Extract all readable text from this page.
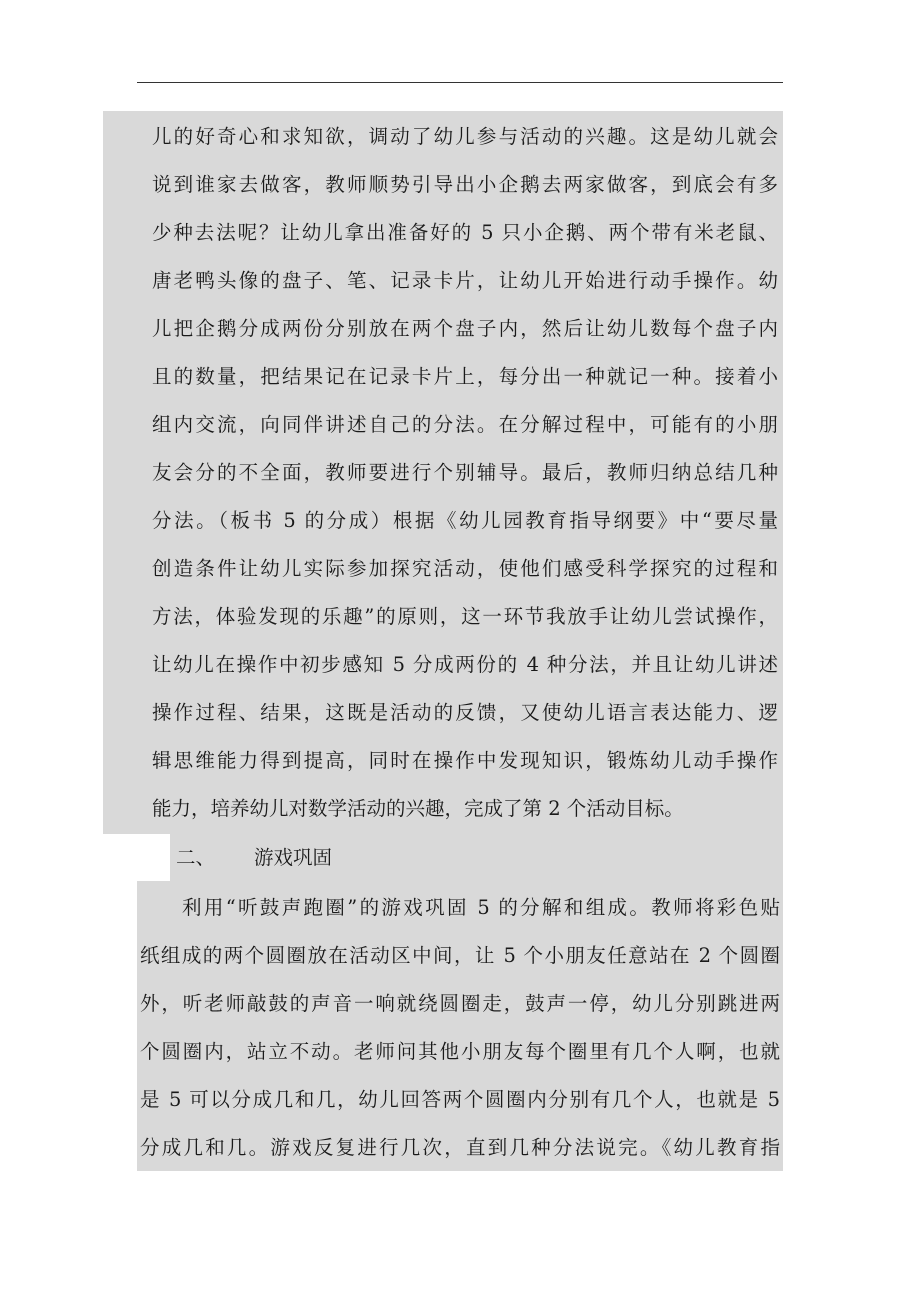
儿的好奇心和求知欲，调动了幼儿参与活动的兴趣。这是幼儿就会
说到谁家去做客，教师顺势引导出小企鹅去两家做客，到底会有多
少种去法呢？让幼儿拿出准备好的 5 只小企鹅、两个带有米老鼠、
唐老鸭头像的盘子、笔、记录卡片，让幼儿开始进行动手操作。幼
儿把企鹅分成两份分别放在两个盘子内，然后让幼儿数每个盘子内
且的数量，把结果记在记录卡片上，每分出一种就记一种。接着小
组内交流，向同伴讲述自己的分法。在分解过程中，可能有的小朋
友会分的不全面，教师要进行个别辅导。最后，教师归纳总结几种
分法。（板书 5 的分成）根据《幼儿园教育指导纲要》中“要尽量
创造条件让幼儿实际参加探究活动，使他们感受科学探究的过程和
方法，体验发现的乐趣”的原则，这一环节我放手让幼儿尝试操作，
让幼儿在操作中初步感知 5 分成两份的 4 种分法，并且让幼儿讲述
操作过程、结果，这既是活动的反馈，又使幼儿语言表达能力、逻
辑思维能力得到提高，同时在操作中发现知识，锻炼幼儿动手操作
能力，培养幼儿对数学活动的兴趣，完成了第 2 个活动目标。
二、 游戏巩固
利用“听鼓声跑圈”的游戏巩固 5 的分解和组成。教师将彩色贴
纸组成的两个圆圈放在活动区中间，让 5 个小朋友任意站在 2 个圆圈
外，听老师敲鼓的声音一响就绕圆圈走，鼓声一停，幼儿分别跳进两
个圆圈内，站立不动。老师问其他小朋友每个圈里有几个人啊，也就
是 5 可以分成几和几，幼儿回答两个圆圈内分别有几个人，也就是 5
分成几和几。游戏反复进行几次，直到几种分法说完。《幼儿教育指
